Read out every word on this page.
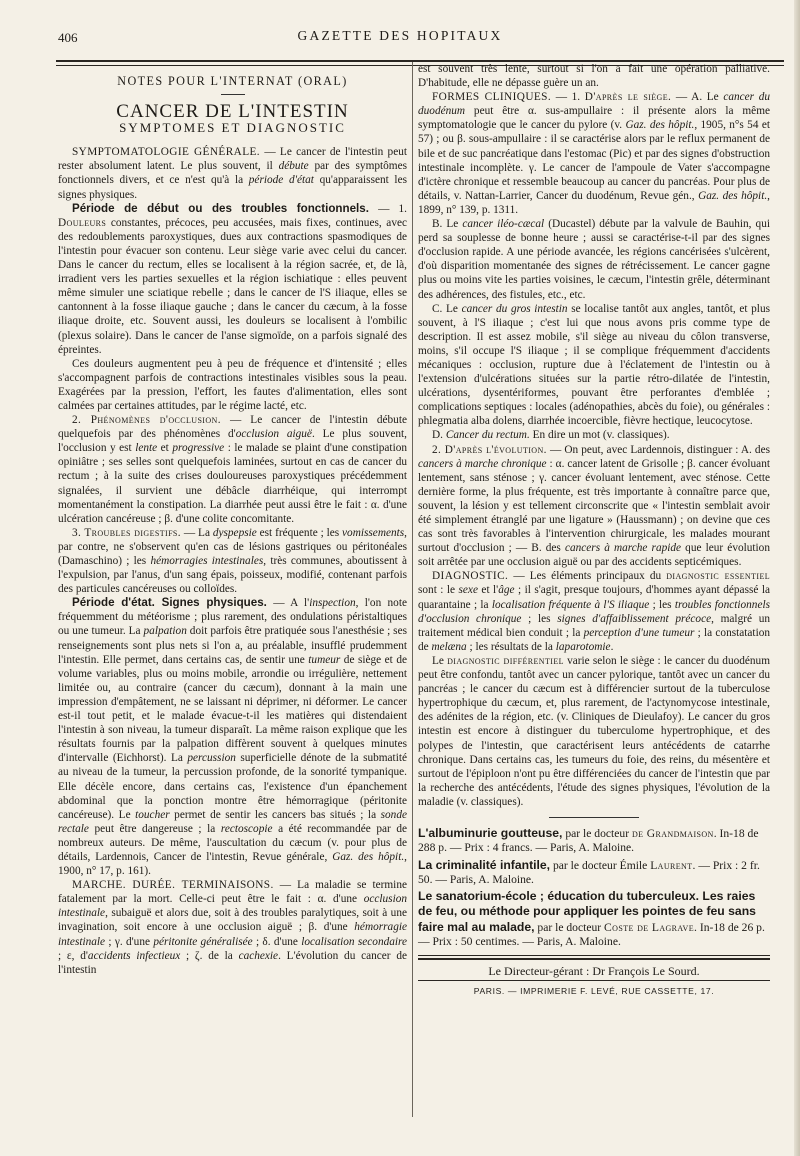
406	GAZETTE DES HOPITAUX

NOTES POUR L'INTERNAT (ORAL)

CANCER DE L'INTESTIN

SYMPTOMES ET DIAGNOSTIC

SYMPTOMATOLOGIE GÉNÉRALE. — Le cancer de l'intestin peut rester absolument latent. Le plus souvent, il débute par des symptômes fonctionnels divers, et ce n'est qu'à la période d'état qu'apparaissent les signes physiques.

Période de début ou des troubles fonctionnels. — 1. Douleurs constantes, précoces, peu accusées, mais fixes, continues, avec des redoublements paroxystiques, dues aux contractions spasmodiques de l'intestin pour évacuer son contenu. Leur siège varie avec celui du cancer. Dans le cancer du rectum, elles se localisent à la région sacrée, et, de là, irradient vers les parties sexuelles et la région ischiatique : elles peuvent même simuler une sciatique rebelle ; dans le cancer de l'S iliaque, elles se cantonnent à la fosse iliaque gauche ; dans le cancer du cæcum, à la fosse iliaque droite, etc. Souvent aussi, les douleurs se localisent à l'ombilic (plexus solaire). Dans le cancer de l'anse sigmoïde, on a parfois signalé des épreintes.

Ces douleurs augmentent peu à peu de fréquence et d'intensité ; elles s'accompagnent parfois de contractions intestinales visibles sous la peau. Exagérées par la pression, l'effort, les fautes d'alimentation, elles sont calmées par certaines attitudes, par le régime lacté, etc.

2. Phénomènes d'occlusion. — Le cancer de l'intestin débute quelquefois par des phénomènes d'occlusion aiguë. Le plus souvent, l'occlusion y est lente et progressive : le malade se plaint d'une constipation opiniâtre ; ses selles sont quelquefois laminées, surtout en cas de cancer du rectum ; à la suite des crises douloureuses paroxystiques précédemment signalées, il survient une débâcle diarrhéique, qui interrompt momentanément la constipation. La diarrhée peut aussi être le fait : α. d'une ulcération cancéreuse ; β. d'une colite concomitante.

3. Troubles digestifs. — La dyspepsie est fréquente ; les vomissements, par contre, ne s'observent qu'en cas de lésions gastriques ou péritonéales (Damaschino) ; les hémorragies intestinales, très communes, aboutissent à l'expulsion, par l'anus, d'un sang épais, poisseux, modifié, contenant parfois des particules cancéreuses ou colloïdes.

Période d'état. Signes physiques. — A l'inspection, l'on note fréquemment du météorisme ; plus rarement, des ondulations péristaltiques ou une tumeur. La palpation doit parfois être pratiquée sous l'anesthésie ; ses renseignements sont plus nets si l'on a, au préalable, insufflé prudemment l'intestin. Elle permet, dans certains cas, de sentir une tumeur de siège et de volume variables, plus ou moins mobile, arrondie ou irrégulière, nettement limitée ou, au contraire (cancer du cæcum), donnant à la main une impression d'empâtement, ne se laissant ni déprimer, ni déformer. Le cancer est-il tout petit, et le malade évacue-t-il les matières qui distendaient l'intestin à son niveau, la tumeur disparaît. La même raison explique que les résultats fournis par la palpation diffèrent souvent à quelques minutes d'intervalle (Eichhorst). La percussion superficielle dénote de la submatité au niveau de la tumeur, la percussion profonde, de la sonorité tympanique. Elle décèle encore, dans certains cas, l'existence d'un épanchement abdominal que la ponction montre être hémorragique (péritonite cancéreuse). Le toucher permet de sentir les cancers bas situés ; la sonde rectale peut être dangereuse ; la rectoscopie a été recommandée par de nombreux auteurs. De même, l'auscultation du cæcum (v. pour plus de détails, Lardennois, Cancer de l'intestin, Revue générale, Gaz. des hôpit., 1900, n° 17, p. 161).

MARCHE. DURÉE. TERMINAISONS. — La maladie se termine fatalement par la mort. Celle-ci peut être le fait : α. d'une occlusion intestinale, subaiguë et alors due, soit à des troubles paralytiques, soit à une invagination, soit encore à une occlusion aiguë ; β. d'une hémorragie intestinale ; γ. d'une péritonite généralisée ; δ. d'une localisation secondaire ; ε, d'accidents infectieux ; ζ. de la cachexie. L'évolution du cancer de l'intestin

est souvent très lente, surtout si l'on a fait une opération palliative. D'habitude, elle ne dépasse guère un an.

FORMES CLINIQUES. — 1. D'après le siège. — A. Le cancer du duodénum peut être α. sus-ampullaire : il présente alors la même symptomatologie que le cancer du pylore (v. Gaz. des hôpit., 1905, n°s 54 et 57) ; ou β. sous-ampullaire : il se caractérise alors par le reflux permanent de bile et de suc pancréatique dans l'estomac (Pic) et par des signes d'obstruction intestinale incomplète. γ. Le cancer de l'ampoule de Vater s'accompagne d'ictère chronique et ressemble beaucoup au cancer du pancréas. Pour plus de détails, v. Nattan-Larrier, Cancer du duodénum, Revue gén., Gaz. des hôpit., 1899, n° 139, p. 1311.

B. Le cancer iléo-cæcal (Ducastel) débute par la valvule de Bauhin, qui perd sa souplesse de bonne heure ; aussi se caractérise-t-il par des signes d'occlusion rapide. A une période avancée, les régions cancérisées s'ulcèrent, d'où disparition momentanée des signes de rétrécissement. Le cancer gagne plus ou moins vite les parties voisines, le cæcum, l'intestin grêle, déterminant des adhérences, des fistules, etc., etc.

C. Le cancer du gros intestin se localise tantôt aux angles, tantôt, et plus souvent, à l'S iliaque ; c'est lui que nous avons pris comme type de description. Il est assez mobile, s'il siège au niveau du côlon transverse, moins, s'il occupe l'S iliaque ; il se complique fréquemment d'accidents mécaniques : occlusion, rupture due à l'éclatement de l'intestin ou à l'extension d'ulcérations situées sur la partie rétro-dilatée de l'intestin, ulcérations, dysentériformes, pouvant être perforantes d'emblée ; complications septiques : locales (adénopathies, abcès du foie), ou générales : phlegmatia alba dolens, diarrhée incoercible, fièvre hectique, leucocytose.

D. Cancer du rectum. En dire un mot (v. classiques).

2. D'après l'évolution. — On peut, avec Lardennois, distinguer : A. des cancers à marche chronique : α. cancer latent de Grisolle ; β. cancer évoluant lentement, sans sténose ; γ. cancer évoluant lentement, avec sténose. Cette dernière forme, la plus fréquente, est très importante à connaître parce que, souvent, la lésion y est tellement circonscrite que « l'intestin semblait avoir été simplement étranglé par une ligature » (Haussmann) ; on devine que ces cas sont très favorables à l'intervention chirurgicale, les malades mourant surtout d'occlusion ; — B. des cancers à marche rapide que leur évolution soit arrêtée par une occlusion aiguë ou par des accidents septicémiques.

DIAGNOSTIC. — Les éléments principaux du diagnostic essentiel sont : le sexe et l'âge ; il s'agit, presque toujours, d'hommes ayant dépassé la quarantaine ; la localisation fréquente à l'S iliaque ; les troubles fonctionnels d'occlusion chronique ; les signes d'affaiblissement précoce, malgré un traitement médical bien conduit ; la perception d'une tumeur ; la constatation de melæna ; les résultats de la laparotomie.

Le diagnostic différentiel varie selon le siège : le cancer du duodénum peut être confondu, tantôt avec un cancer pylorique, tantôt avec un cancer du pancréas ; le cancer du cæcum est à différencier surtout de la tuberculose hypertrophique du cæcum, et, plus rarement, de l'actynomycose intestinale, des adénites de la région, etc. (v. Cliniques de Dieulafoy). Le cancer du gros intestin est encore à distinguer du tuberculome hypertrophique, et des polypes de l'intestin, que caractérisent leurs antécédents de catarrhe chronique. Dans certains cas, les tumeurs du foie, des reins, du mésentère et surtout de l'épiploon n'ont pu être différenciées du cancer de l'intestin que par la recherche des antécédents, l'étude des signes physiques, l'évolution de la maladie (v. classiques).

L'albuminurie goutteuse, par le docteur de Grandmaison. In-18 de 288 p. — Prix : 4 francs. — Paris, A. Maloine.

La criminalité infantile, par le docteur Émile Laurent. — Prix : 2 fr. 50. — Paris, A. Maloine.

Le sanatorium-école ; éducation du tuberculeux. Les raies de feu, ou méthode pour appliquer les pointes de feu sans faire mal au malade, par le docteur Coste de Lagrave. In-18 de 26 p. — Prix : 50 centimes. — Paris, A. Maloine.

Le Directeur-gérant : Dr François Le Sourd.

PARIS. — IMPRIMERIE F. LEVÉ, RUE CASSETTE, 17.
